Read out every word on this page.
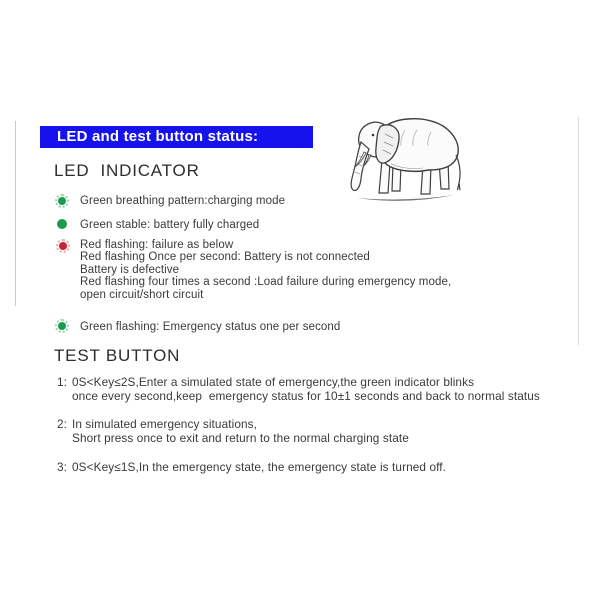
LED and test button status:
LED  INDICATOR
Green breathing pattern:charging mode
Green stable: battery fully charged
Red flashing: failure as below
Red flashing Once per second: Battery is not connected
Battery is defective
Red flashing four times a second :Load failure during emergency mode,
open circuit/short circuit
Green flashing: Emergency status one per second
TEST BUTTON
1: 0S<Key≤2S,Enter a simulated state of emergency,the green indicator blinks
once every second,keep  emergency status for 10±1 seconds and back to normal status
2: In simulated emergency situations,
Short press once to exit and return to the normal charging state
3: 0S<Key≤1S,In the emergency state, the emergency state is turned off.
